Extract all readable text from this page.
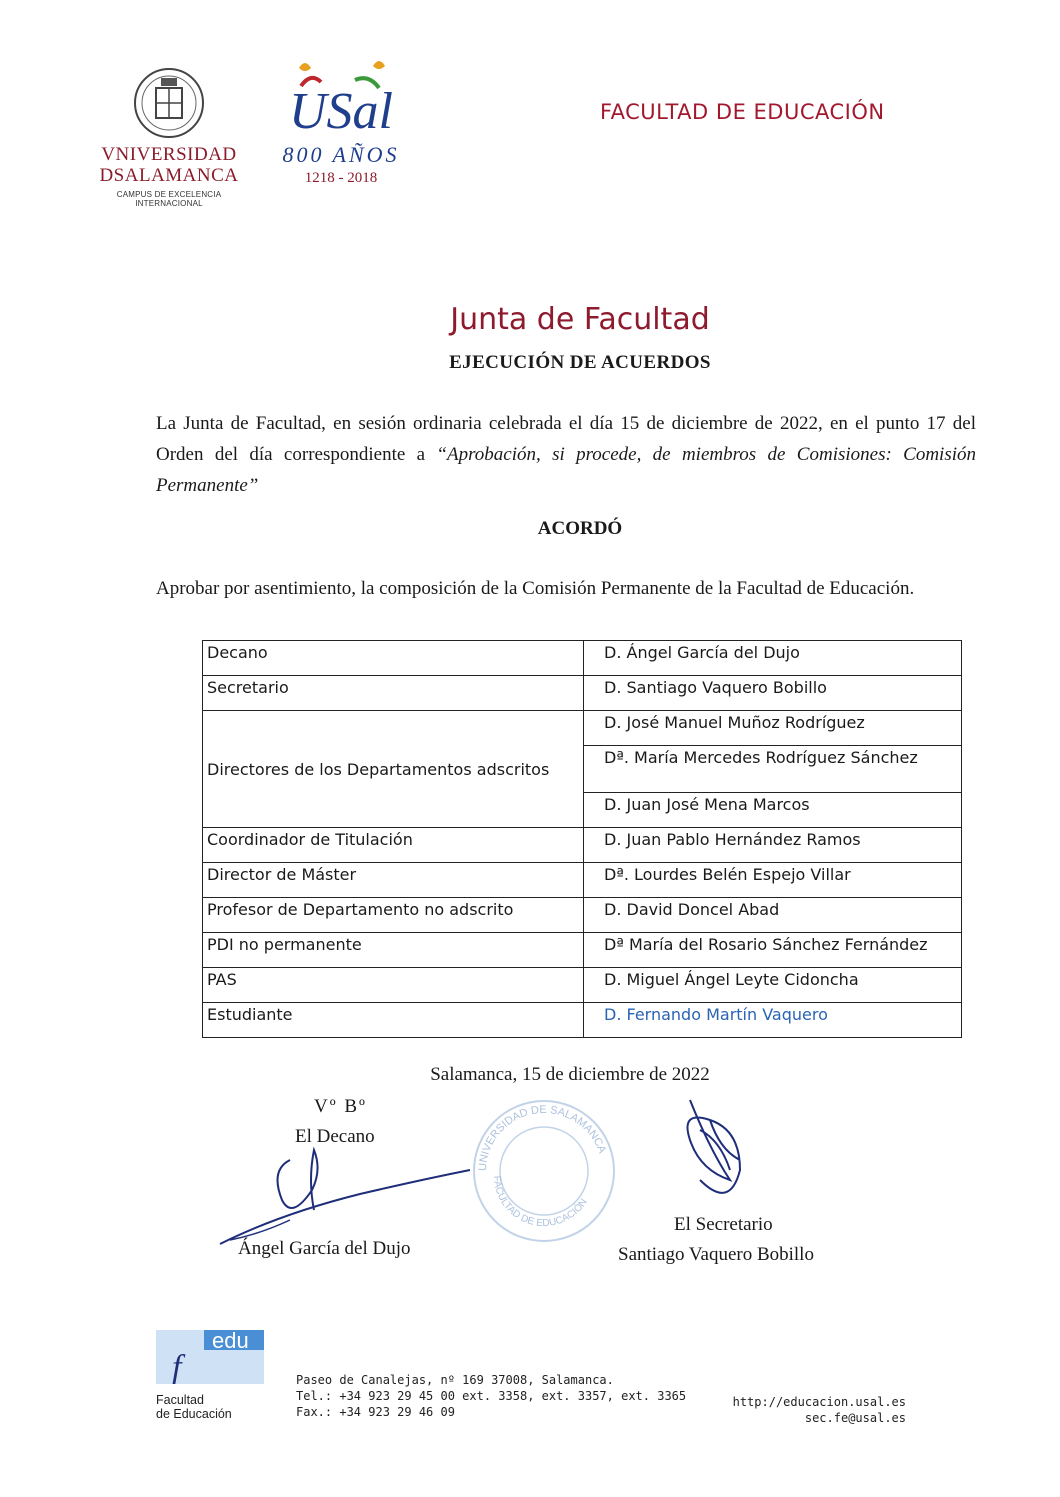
VNIVERSIDAD
DSALAMANCA
CAMPUS DE EXCELENCIA INTERNACIONAL
USal
800 AÑOS
1218 - 2018
FACULTAD DE EDUCACIÓN
Junta de Facultad
EJECUCIÓN DE ACUERDOS
La Junta de Facultad, en sesión ordinaria celebrada el día 15 de diciembre de 2022, en el punto 17 del Orden del día correspondiente a “Aprobación, si procede, de miembros de Comisiones: Comisión Permanente”
ACORDÓ
Aprobar por asentimiento, la composición de la Comisión Permanente de la Facultad de Educación.
Decano	D. Ángel García del Dujo
Secretario	D. Santiago Vaquero Bobillo
Directores de los Departamentos adscritos	D. José Manuel Muñoz Rodríguez
	Dª. María Mercedes Rodríguez Sánchez
	D. Juan José Mena Marcos
Coordinador de Titulación	D. Juan Pablo Hernández Ramos
Director de Máster	Dª. Lourdes Belén Espejo Villar
Profesor de Departamento no adscrito	D. David Doncel Abad
PDI no permanente	Dª María del Rosario Sánchez Fernández
PAS	D. Miguel Ángel Leyte Cidoncha
Estudiante	D. Fernando Martín Vaquero
Salamanca, 15 de diciembre de 2022
Vº Bº
El Decano
UNIVERSIDAD DE SALAMANCA
FACULTAD DE EDUCACIÓN
Ángel García del Dujo
El Secretario
Santiago Vaquero Bobillo
edu
f
Facultad
de Educación
Paseo de Canalejas, nº 169 37008, Salamanca.
Tel.: +34 923 29 45 00 ext. 3358, ext. 3357, ext. 3365
Fax.: +34 923 29 46 09
http://educacion.usal.es
sec.fe@usal.es
